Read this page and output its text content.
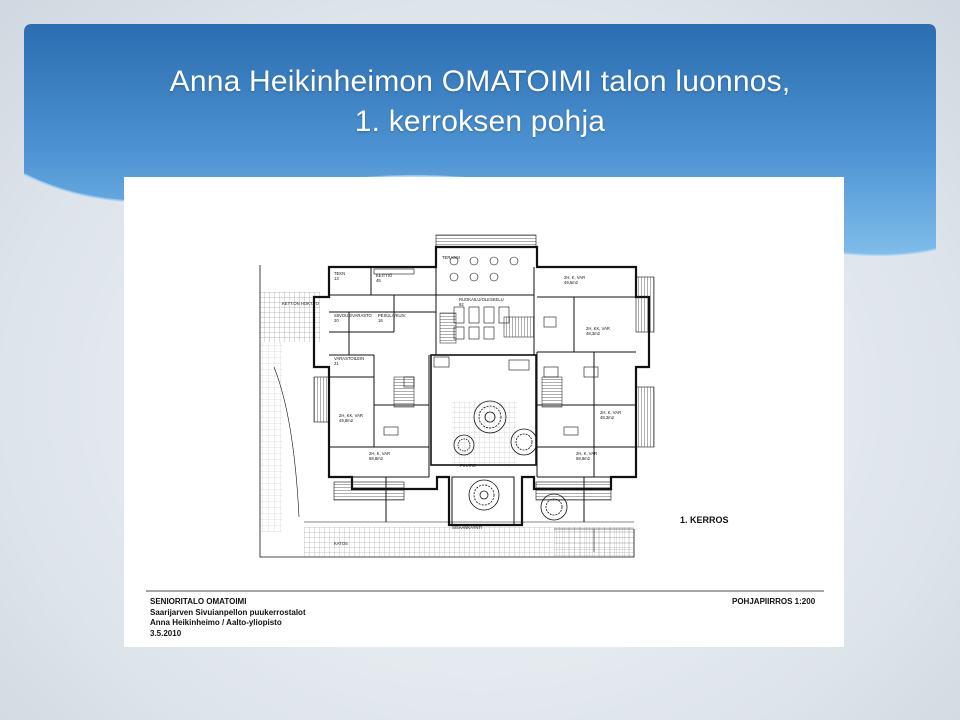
Anna Heikinheimon OMATOIMI talon luonnos,
1. kerroksen pohja
TEKN	KEITTIÖ
KETT.ON HOKT.TO
SIIVOUS/VARASTO PESULA/KUIV.
RUOKAILU/OLESKELU
VARASTOILEIN
2H, K, VAR
2H, KK, VAR
2H, KK, VAR
2H, K, VAR
2H, K, VAR	2H, K, VAR
TERASSI
PIHATIE
SISAANKAYNTI
KATOS
13	45
20	16
92
21
49,5m2
48,3m2
49,8m2
48,3m2
58,8m2	58,8m2
1. KERROS
SENIORITALO OMATOIMI
Saarijarven Sivuianpellon puukerrostalot
Anna Heikinheimo / Aalto-yliopisto
3.5.2010
POHJAPIIRROS 1:200
